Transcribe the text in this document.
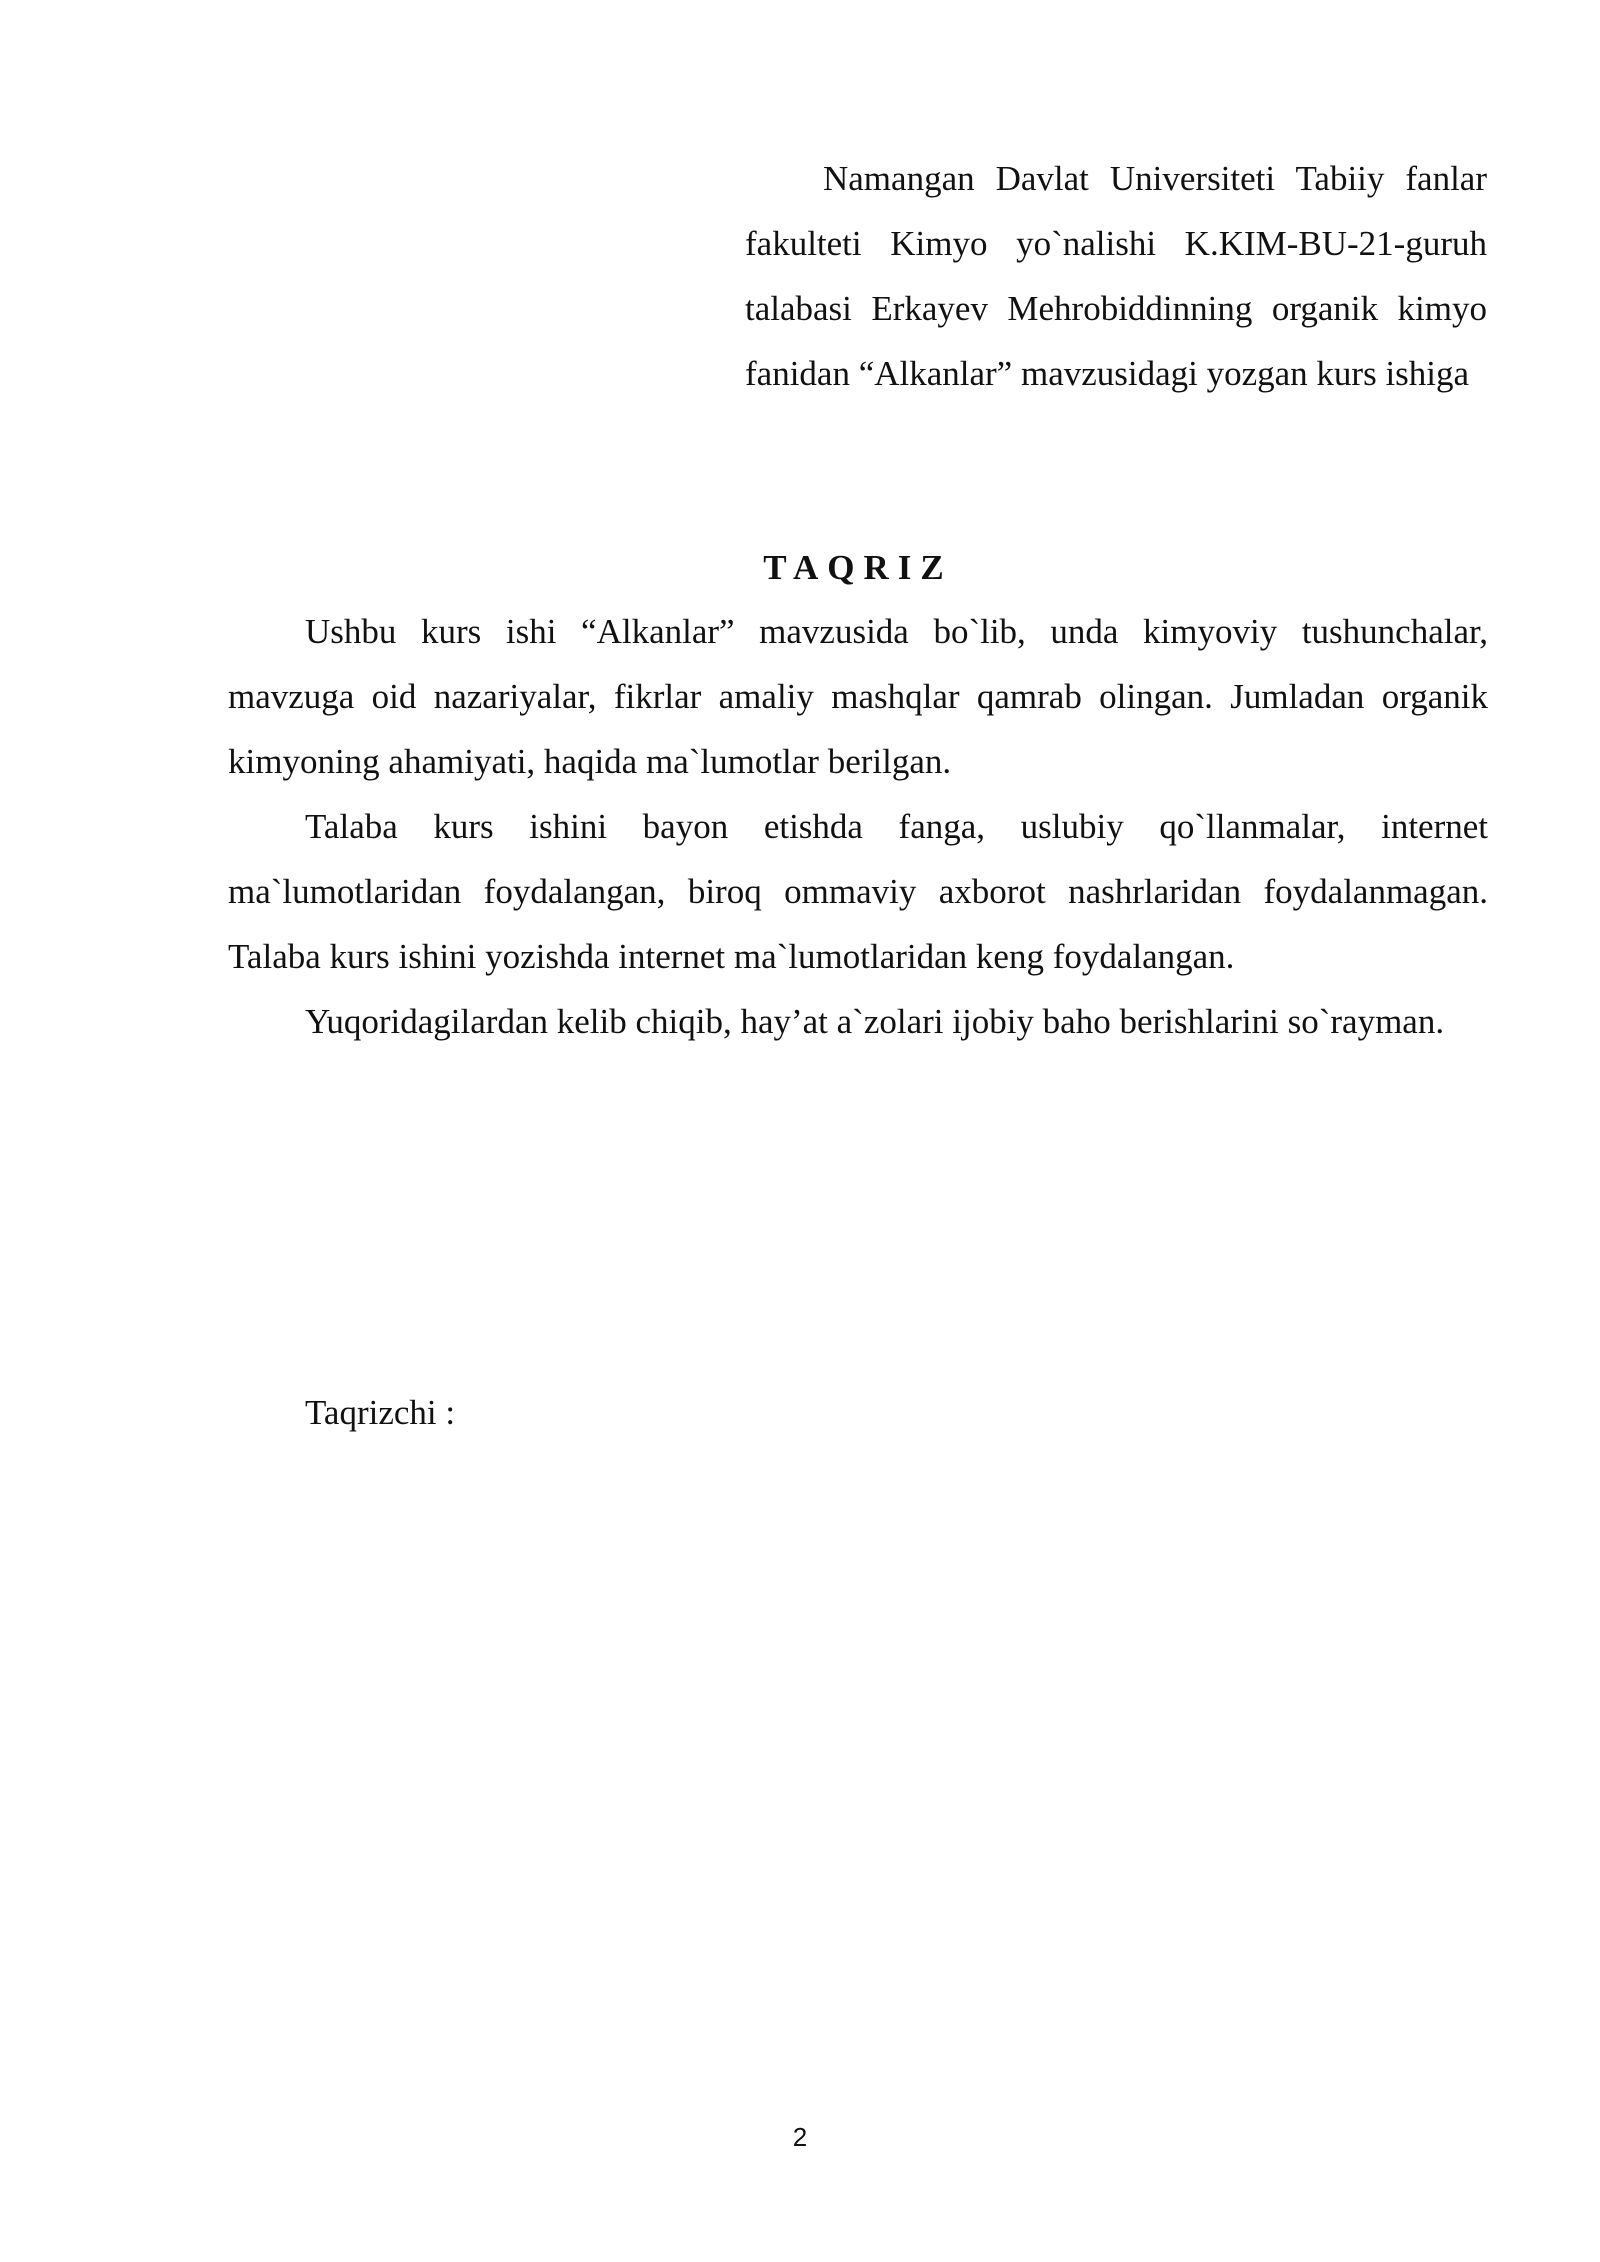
Namangan Davlat Universiteti Tabiiy fanlar fakulteti Kimyo yo`nalishi K.KIM-BU-21-guruh talabasi Erkayev Mehrobiddinning organik kimyo fanidan “Alkanlar” mavzusidagi yozgan kurs ishiga
TAQRIZ

Ushbu kurs ishi “Alkanlar” mavzusida bo`lib, unda kimyoviy tushunchalar, mavzuga oid nazariyalar, fikrlar amaliy mashqlar qamrab olingan. Jumladan organik kimyoning ahamiyati, haqida ma`lumotlar berilgan.

Talaba kurs ishini bayon etishda fanga, uslubiy qo`llanmalar, internet ma`lumotlaridan foydalangan, biroq ommaviy axborot nashrlaridan foydalanmagan. Talaba kurs ishini yozishda internet ma`lumotlaridan keng foydalangan.

Yuqoridagilardan kelib chiqib, hay’at a`zolari ijobiy baho berishlarini so`rayman.

Taqrizchi :
2
